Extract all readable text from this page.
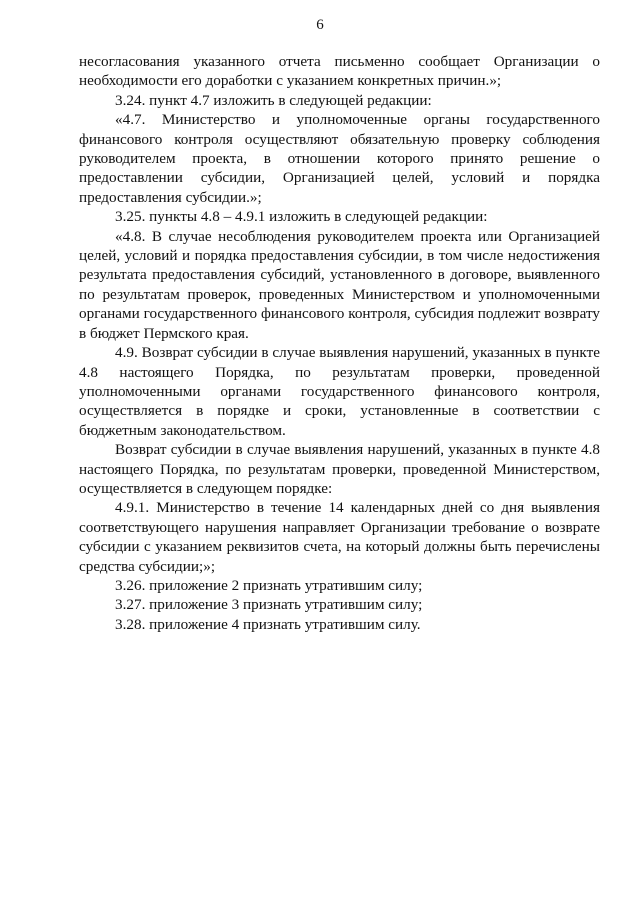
6

несогласования указанного отчета письменно сообщает Организации о необходимости его доработки с указанием конкретных причин.»;

3.24. пункт 4.7 изложить в следующей редакции:

«4.7. Министерство и уполномоченные органы государственного финансового контроля осуществляют обязательную проверку соблюдения руководителем проекта, в отношении которого принято решение о предоставлении субсидии, Организацией целей, условий и порядка предоставления субсидии.»;

3.25. пункты 4.8 – 4.9.1 изложить в следующей редакции:

«4.8. В случае несоблюдения руководителем проекта или Организацией целей, условий и порядка предоставления субсидии, в том числе недостижения результата предоставления субсидий, установленного в договоре, выявленного по результатам проверок, проведенных Министерством и уполномоченными органами государственного финансового контроля, субсидия подлежит возврату в бюджет Пермского края.

4.9. Возврат субсидии в случае выявления нарушений, указанных в пункте 4.8 настоящего Порядка, по результатам проверки, проведенной уполномоченными органами государственного финансового контроля, осуществляется в порядке и сроки, установленные в соответствии с бюджетным законодательством.

Возврат субсидии в случае выявления нарушений, указанных в пункте 4.8 настоящего Порядка, по результатам проверки, проведенной Министерством, осуществляется в следующем порядке:

4.9.1. Министерство в течение 14 календарных дней со дня выявления соответствующего нарушения направляет Организации требование о возврате субсидии с указанием реквизитов счета, на который должны быть перечислены средства субсидии;»;

3.26. приложение 2 признать утратившим силу;

3.27. приложение 3 признать утратившим силу;

3.28. приложение 4 признать утратившим силу.
